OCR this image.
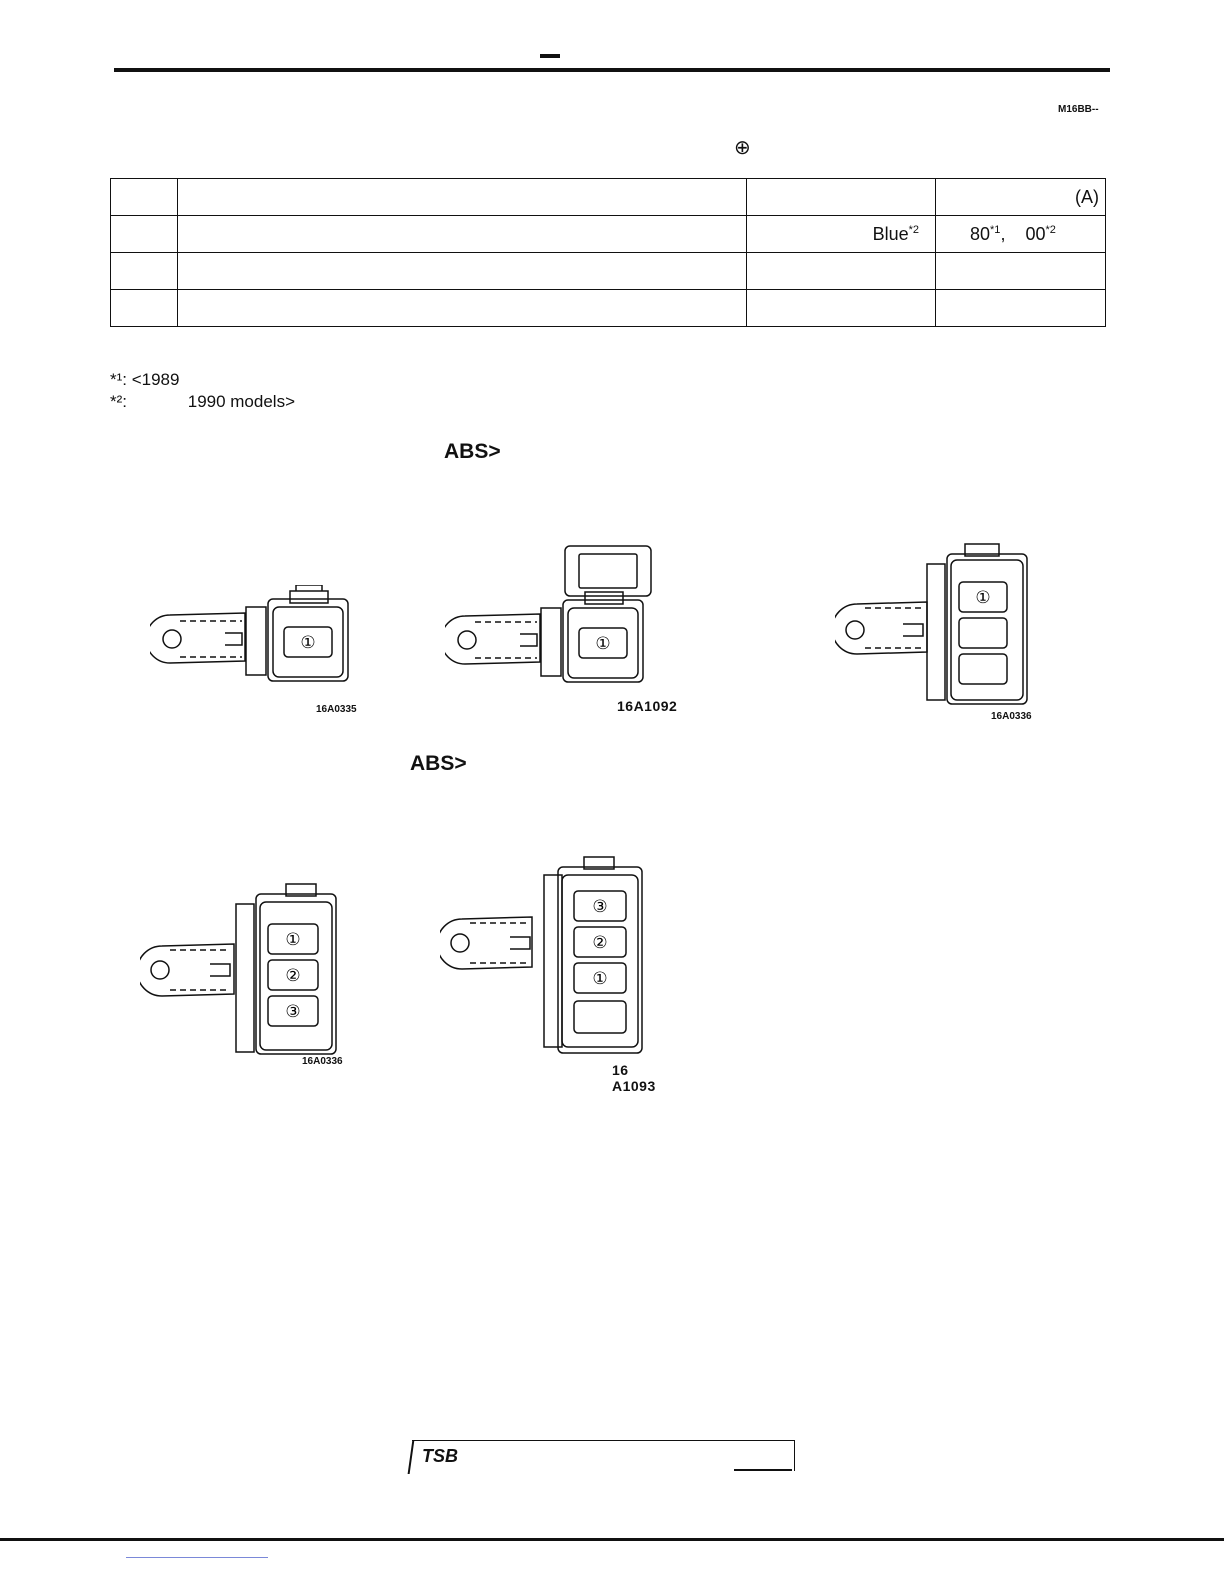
M16BB--
⊕
			(A)
		Blue$^{*2}$	80$^{*1}$,    00$^{*2}$

*¹: <1989
*²:	1990 models>
ABS>
ABS>
①
16A0335
①
16A1092
①
16A0336
①
②
③
16A0336
③
②
①
16 A1093
TSB
